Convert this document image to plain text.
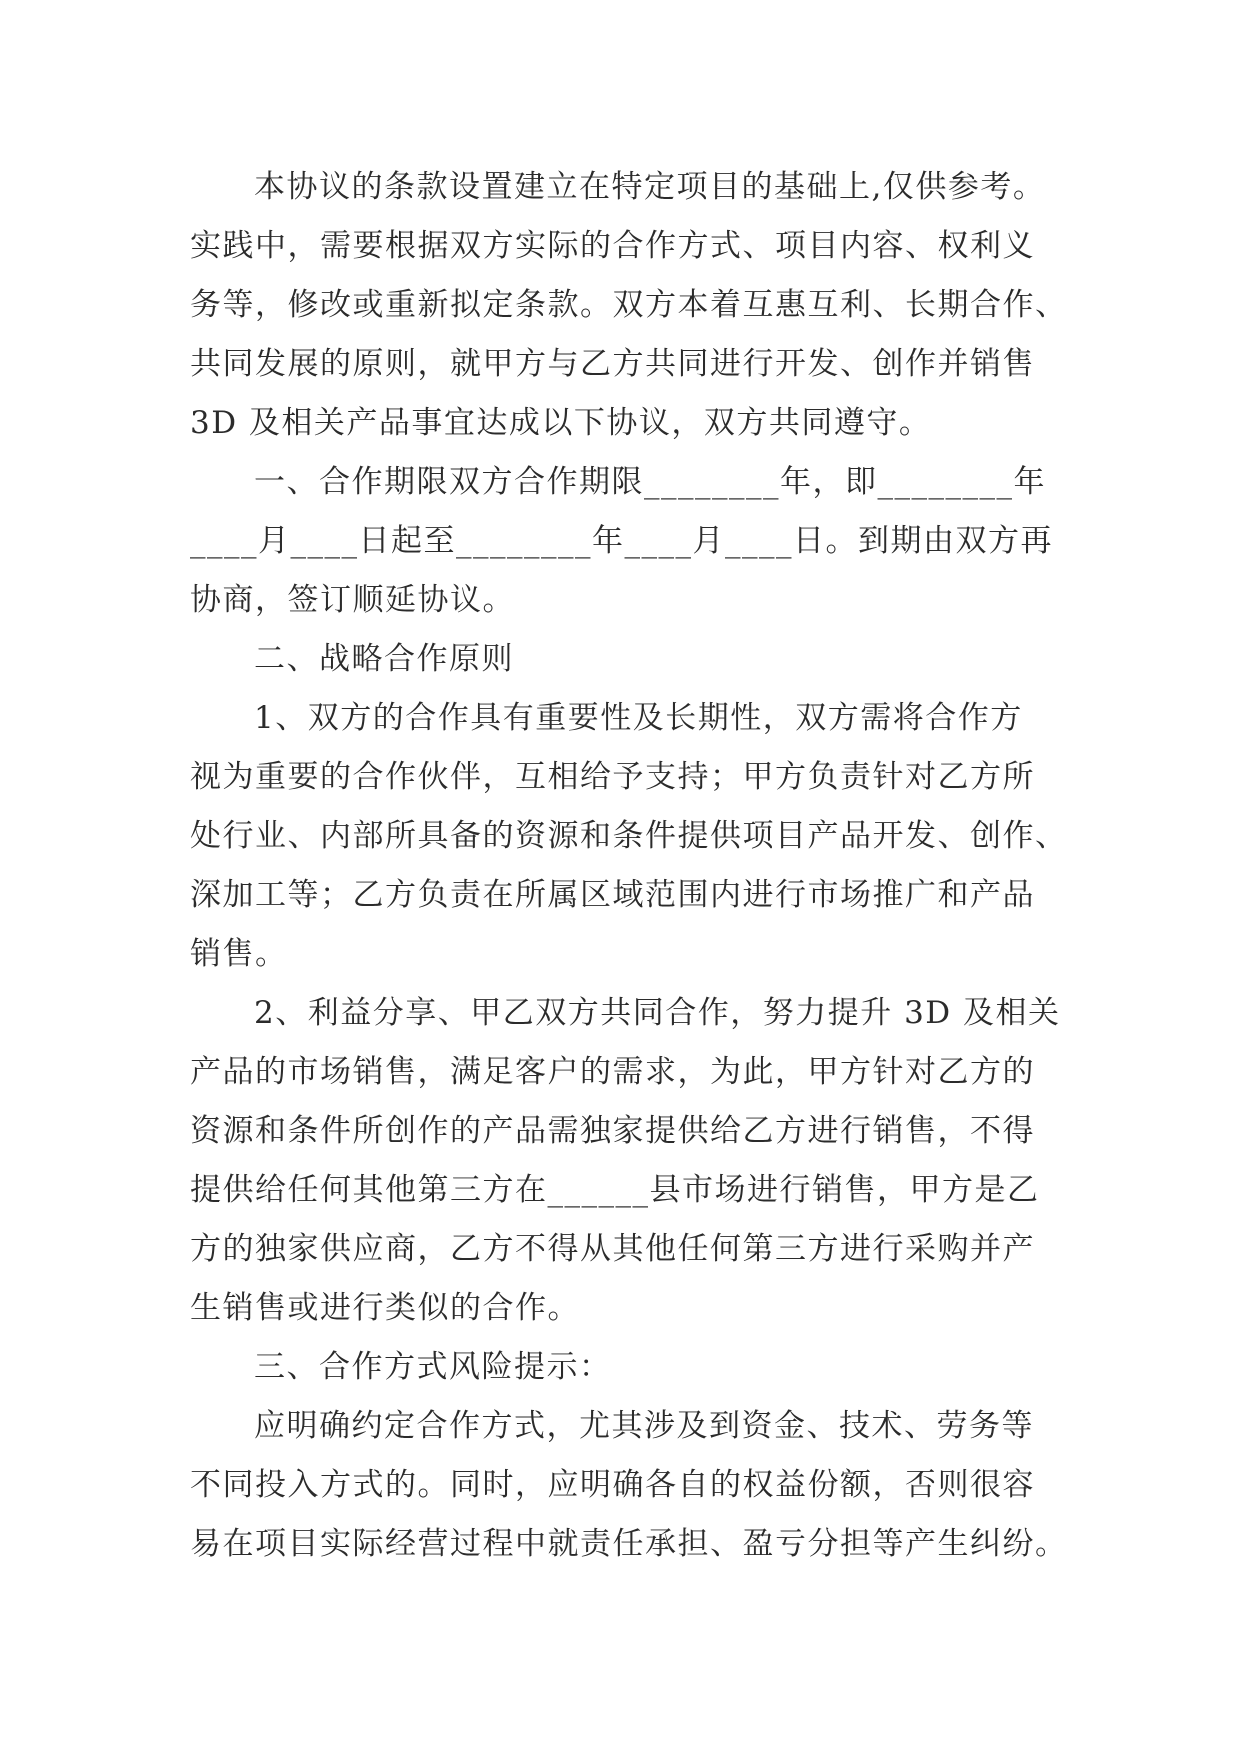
本协议的条款设置建立在特定项目的基础上,仅供参考。
实践中，需要根据双方实际的合作方式、项目内容、权利义
务等，修改或重新拟定条款。双方本着互惠互利、长期合作、
共同发展的原则，就甲方与乙方共同进行开发、创作并销售
3D 及相关产品事宜达成以下协议，双方共同遵守。
一、合作期限双方合作期限________年，即________年
____月____日起至________年____月____日。到期由双方再
协商，签订顺延协议。
二、战略合作原则
1、双方的合作具有重要性及长期性，双方需将合作方
视为重要的合作伙伴，互相给予支持；甲方负责针对乙方所
处行业、内部所具备的资源和条件提供项目产品开发、创作、
深加工等；乙方负责在所属区域范围内进行市场推广和产品
销售。
2、利益分享、甲乙双方共同合作，努力提升 3D 及相关
产品的市场销售，满足客户的需求，为此，甲方针对乙方的
资源和条件所创作的产品需独家提供给乙方进行销售，不得
提供给任何其他第三方在______县市场进行销售，甲方是乙
方的独家供应商，乙方不得从其他任何第三方进行采购并产
生销售或进行类似的合作。
三、合作方式风险提示：
应明确约定合作方式，尤其涉及到资金、技术、劳务等
不同投入方式的。同时，应明确各自的权益份额，否则很容
易在项目实际经营过程中就责任承担、盈亏分担等产生纠纷。
